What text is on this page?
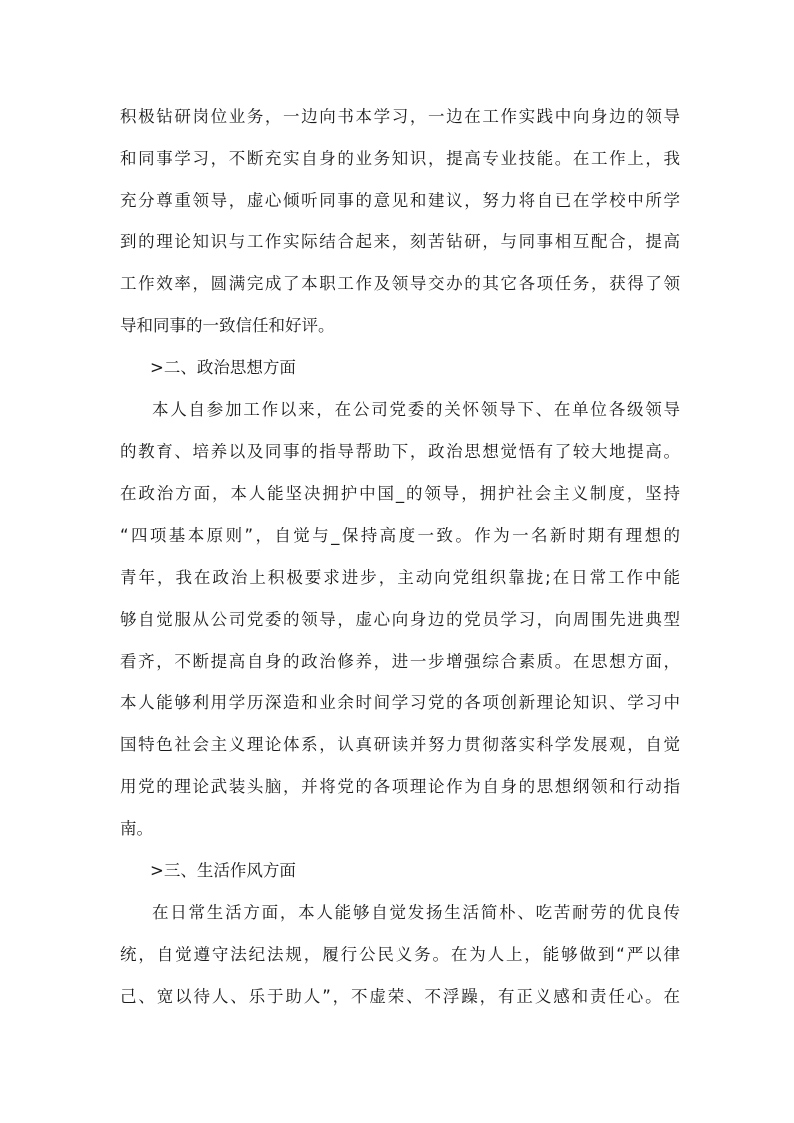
积极钻研岗位业务，一边向书本学习，一边在工作实践中向身边的领导
和同事学习，不断充实自身的业务知识，提高专业技能。在工作上，我
充分尊重领导，虚心倾听同事的意见和建议，努力将自已在学校中所学
到的理论知识与工作实际结合起来，刻苦钻研，与同事相互配合，提高
工作效率，圆满完成了本职工作及领导交办的其它各项任务，获得了领
导和同事的一致信任和好评。
>二、政治思想方面
本人自参加工作以来，在公司党委的关怀领导下、在单位各级领导
的教育、培养以及同事的指导帮助下，政治思想觉悟有了较大地提高。
在政治方面，本人能坚决拥护中国_的领导，拥护社会主义制度，坚持
“四项基本原则”，自觉与_保持高度一致。作为一名新时期有理想的
青年，我在政治上积极要求进步，主动向党组织靠拢;在日常工作中能
够自觉服从公司党委的领导，虚心向身边的党员学习，向周围先进典型
看齐，不断提高自身的政治修养，进一步增强综合素质。在思想方面，
本人能够利用学历深造和业余时间学习党的各项创新理论知识、学习中
国特色社会主义理论体系，认真研读并努力贯彻落实科学发展观，自觉
用党的理论武装头脑，并将党的各项理论作为自身的思想纲领和行动指
南。
>三、生活作风方面
在日常生活方面，本人能够自觉发扬生活简朴、吃苦耐劳的优良传
统，自觉遵守法纪法规，履行公民义务。在为人上，能够做到“严以律
己、宽以待人、乐于助人”，不虚荣、不浮躁，有正义感和责任心。在
